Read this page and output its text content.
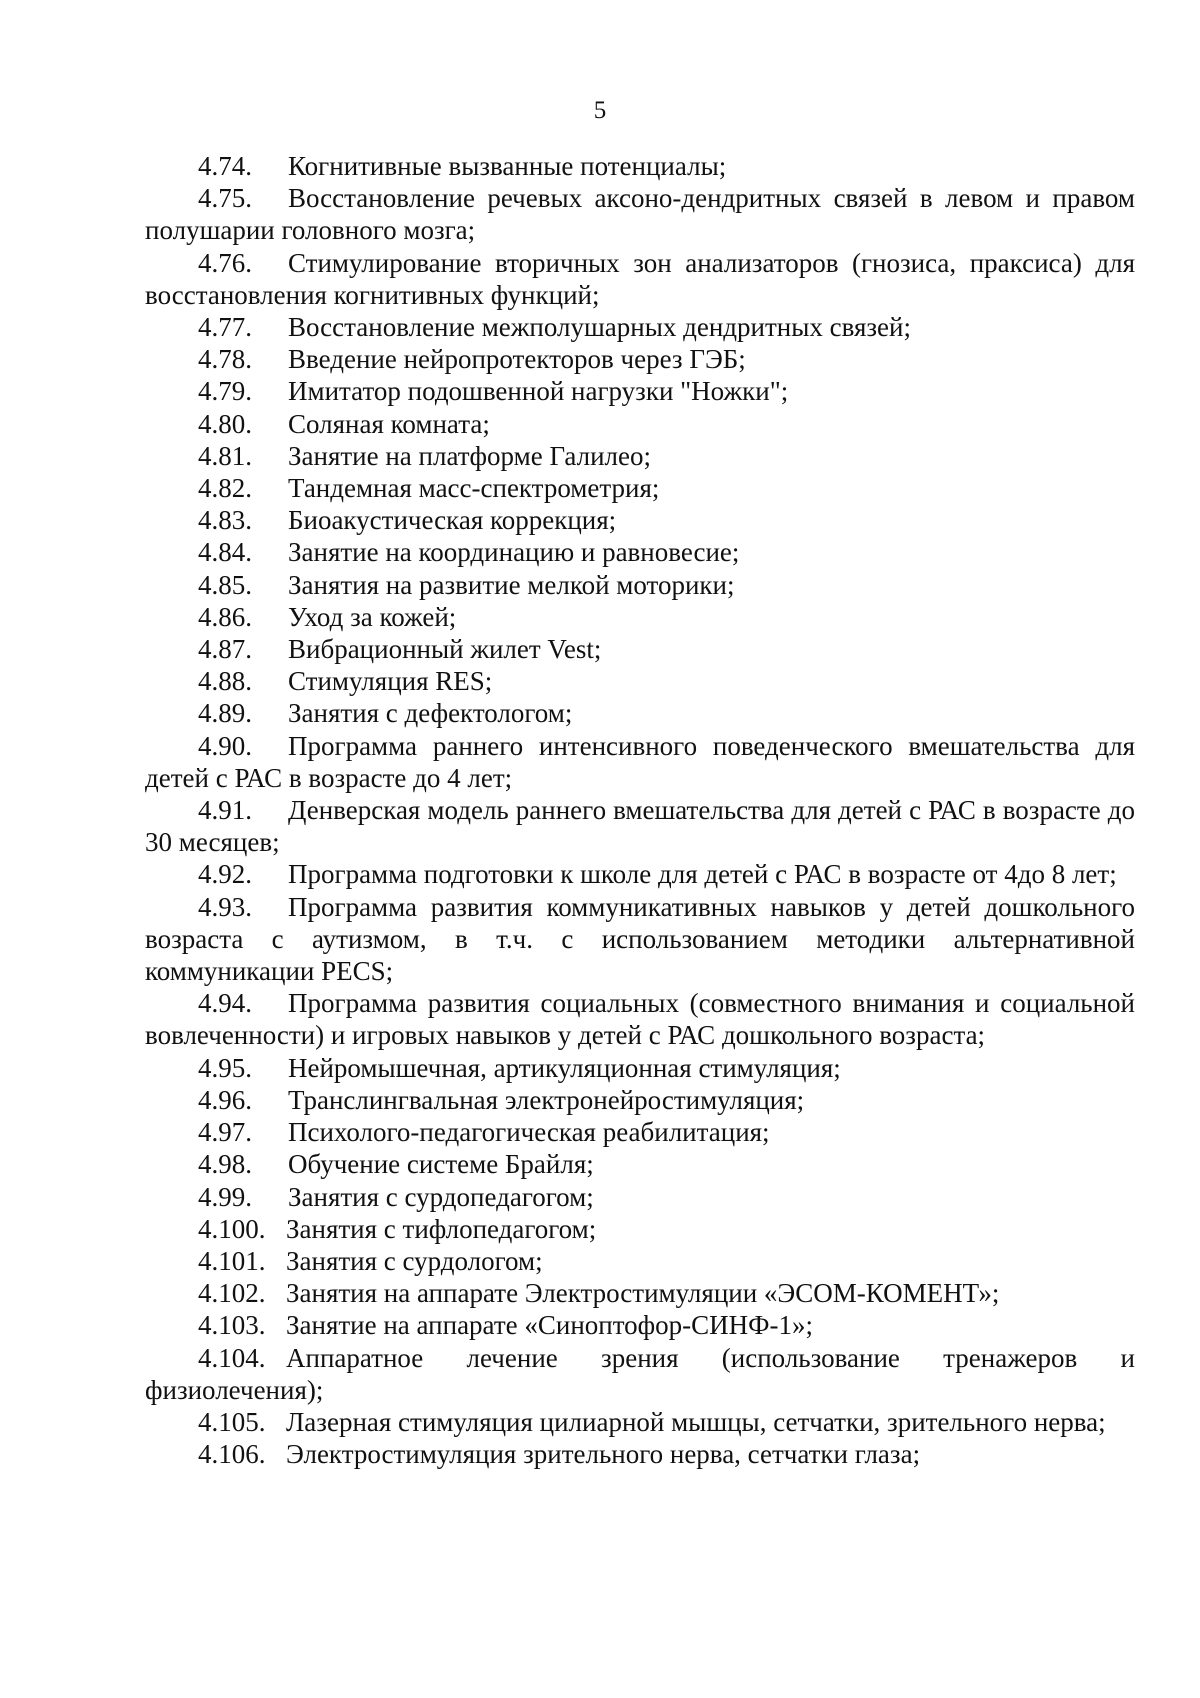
5

4.74. Когнитивные вызванные потенциалы;

4.75. Восстановление речевых аксоно-дендритных связей в левом и правом полушарии головного мозга;

4.76. Стимулирование вторичных зон анализаторов (гнозиса, праксиса) для восстановления когнитивных функций;

4.77. Восстановление межполушарных дендритных связей;

4.78. Введение нейропротекторов через ГЭБ;

4.79. Имитатор подошвенной нагрузки "Ножки";

4.80. Соляная комната;

4.81. Занятие на платформе Галилео;

4.82. Тандемная масс-спектрометрия;

4.83. Биоакустическая коррекция;

4.84. Занятие на координацию и равновесие;

4.85. Занятия на развитие мелкой моторики;

4.86. Уход за кожей;

4.87. Вибрационный жилет Vest;

4.88. Стимуляция RES;

4.89. Занятия с дефектологом;

4.90. Программа раннего интенсивного поведенческого вмешательства для детей с РАС в возрасте до 4 лет;

4.91. Денверская модель раннего вмешательства для детей с РАС в возрасте до 30 месяцев;

4.92. Программа подготовки к школе для детей с РАС в возрасте от 4до 8 лет;

4.93. Программа развития коммуникативных навыков у детей дошкольного возраста с аутизмом, в т.ч. с использованием методики альтернативной коммуникации PECS;

4.94. Программа развития социальных (совместного внимания и социальной вовлеченности) и игровых навыков у детей с РАС дошкольного возраста;

4.95. Нейромышечная, артикуляционная стимуляция;

4.96. Транслингвальная электронейростимуляция;

4.97. Психолого-педагогическая реабилитация;

4.98. Обучение системе Брайля;

4.99. Занятия с сурдопедагогом;

4.100. Занятия с тифлопедагогом;

4.101. Занятия с сурдологом;

4.102. Занятия на аппарате Электростимуляции «ЭСОМ-КОМЕНТ»;

4.103. Занятие на аппарате «Синоптофор-СИНФ-1»;

4.104. Аппаратное лечение зрения (использование тренажеров и физиолечения);

4.105. Лазерная стимуляция цилиарной мышцы, сетчатки, зрительного нерва;

4.106. Электростимуляция зрительного нерва, сетчатки глаза;
